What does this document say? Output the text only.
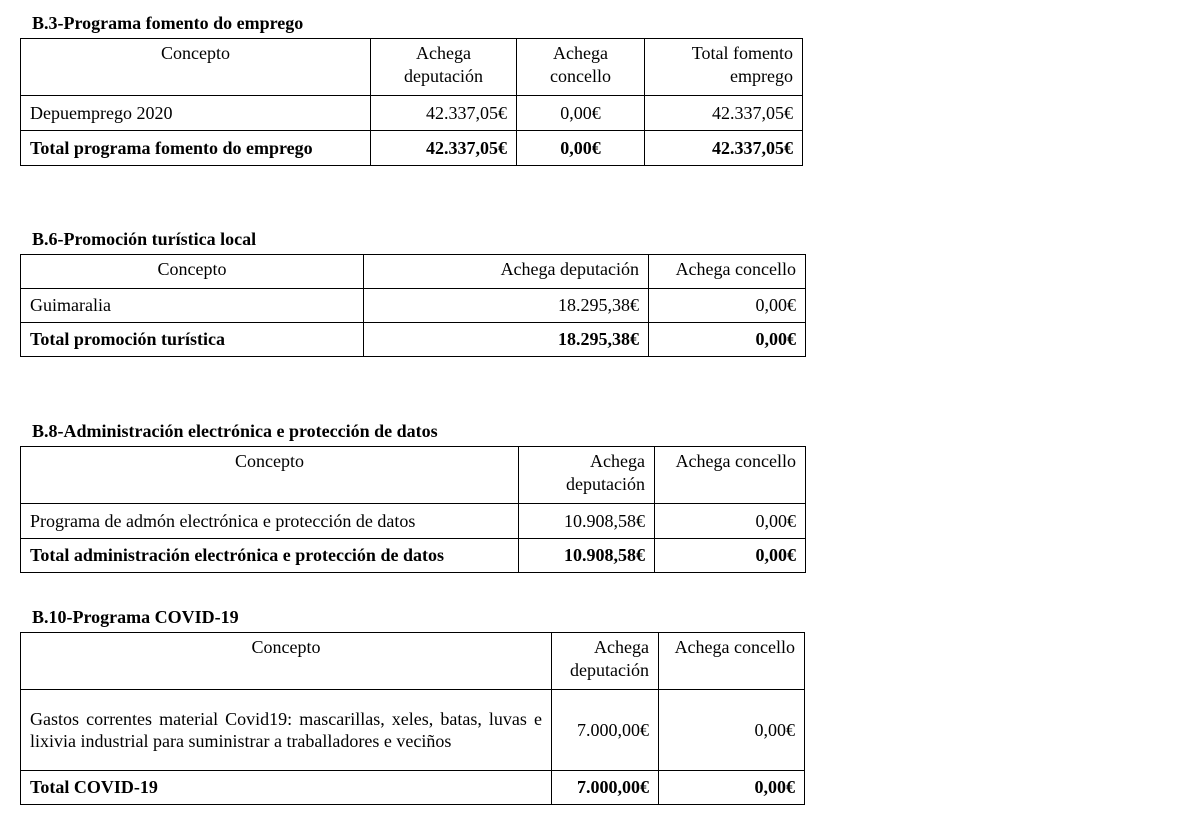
B.3-Programa fomento do emprego
Concepto	Achega deputación	Achega concello	Total fomento emprego
Depuemprego 2020	42.337,05€	0,00€	42.337,05€
Total programa fomento do emprego	42.337,05€	0,00€	42.337,05€
B.6-Promoción turística local
Concepto	Achega deputación	Achega concello
Guimaralia	18.295,38€	0,00€
Total promoción turística	18.295,38€	0,00€
B.8-Administración electrónica e protección de datos
Concepto	Achega deputación	Achega concello
Programa de admón electrónica e protección de datos	10.908,58€	0,00€
Total administración electrónica e protección de datos	10.908,58€	0,00€
B.10-Programa COVID-19
Concepto	Achega deputación	Achega concello
Gastos correntes material Covid19: mascarillas, xeles, batas, luvas e lixivia industrial para suministrar a traballadores e veciños	7.000,00€	0,00€
Total COVID-19	7.000,00€	0,00€
